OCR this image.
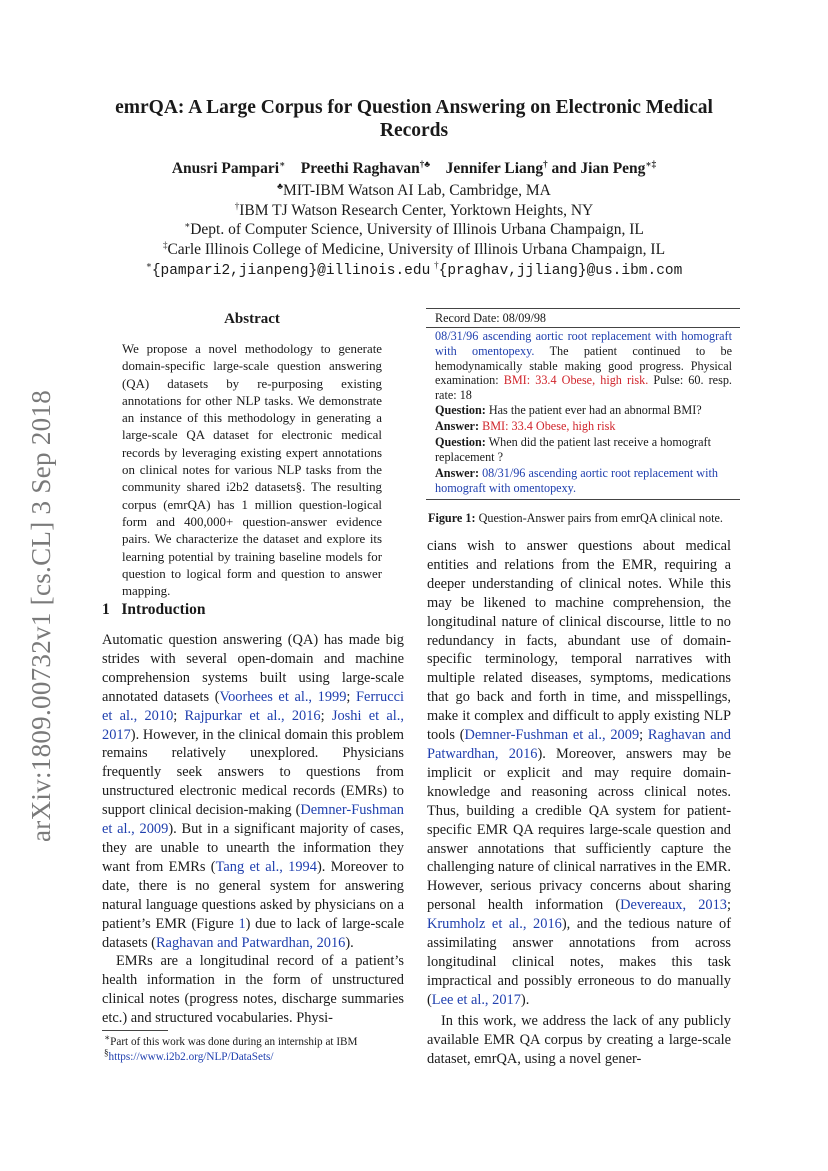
emrQA: A Large Corpus for Question Answering on Electronic Medical Records
Anusri Pampari∗ Preethi Raghavan†♣ Jennifer Liang† and Jian Peng∗‡
♣MIT-IBM Watson AI Lab, Cambridge, MA
†IBM TJ Watson Research Center, Yorktown Heights, NY
∗Dept. of Computer Science, University of Illinois Urbana Champaign, IL
‡Carle Illinois College of Medicine, University of Illinois Urbana Champaign, IL
∗{pampari2,jianpeng}@illinois.edu †{praghav,jjliang}@us.ibm.com
arXiv:1809.00732v1 [cs.CL] 3 Sep 2018
Abstract
We propose a novel methodology to generate domain-specific large-scale question answering (QA) datasets by re-purposing existing annotations for other NLP tasks. We demonstrate an instance of this methodology in generating a large-scale QA dataset for electronic medical records by leveraging existing expert annotations on clinical notes for various NLP tasks from the community shared i2b2 datasets§. The resulting corpus (emrQA) has 1 million question-logical form and 400,000+ question-answer evidence pairs. We characterize the dataset and explore its learning potential by training baseline models for question to logical form and question to answer mapping.
1 Introduction
Automatic question answering (QA) has made big strides with several open-domain and machine comprehension systems built using large-scale annotated datasets (Voorhees et al., 1999; Ferrucci et al., 2010; Rajpurkar et al., 2016; Joshi et al., 2017). However, in the clinical domain this problem remains relatively unexplored. Physicians frequently seek answers to questions from unstructured electronic medical records (EMRs) to support clinical decision-making (Demner-Fushman et al., 2009). But in a significant majority of cases, they are unable to unearth the information they want from EMRs (Tang et al., 1994). Moreover to date, there is no general system for answering natural language questions asked by physicians on a patient’s EMR (Figure 1) due to lack of large-scale datasets (Raghavan and Patwardhan, 2016).
EMRs are a longitudinal record of a patient’s health information in the form of unstructured clinical notes (progress notes, discharge summaries etc.) and structured vocabularies. Physi-
∗Part of this work was done during an internship at IBM
§https://www.i2b2.org/NLP/DataSets/
Record Date: 08/09/98
08/31/96 ascending aortic root replacement with homograft with omentopexy. The patient continued to be hemodynamically stable making good progress. Physical examination: BMI: 33.4 Obese, high risk. Pulse: 60. resp. rate: 18
Question: Has the patient ever had an abnormal BMI?
Answer: BMI: 33.4 Obese, high risk
Question: When did the patient last receive a homograft replacement ?
Answer: 08/31/96 ascending aortic root replacement with homograft with omentopexy.
Figure 1: Question-Answer pairs from emrQA clinical note.
cians wish to answer questions about medical entities and relations from the EMR, requiring a deeper understanding of clinical notes. While this may be likened to machine comprehension, the longitudinal nature of clinical discourse, little to no redundancy in facts, abundant use of domain-specific terminology, temporal narratives with multiple related diseases, symptoms, medications that go back and forth in time, and misspellings, make it complex and difficult to apply existing NLP tools (Demner-Fushman et al., 2009; Raghavan and Patwardhan, 2016). Moreover, answers may be implicit or explicit and may require domain-knowledge and reasoning across clinical notes. Thus, building a credible QA system for patient-specific EMR QA requires large-scale question and answer annotations that sufficiently capture the challenging nature of clinical narratives in the EMR. However, serious privacy concerns about sharing personal health information (Devereaux, 2013; Krumholz et al., 2016), and the tedious nature of assimilating answer annotations from across longitudinal clinical notes, makes this task impractical and possibly erroneous to do manually (Lee et al., 2017).
In this work, we address the lack of any publicly available EMR QA corpus by creating a large-scale dataset, emrQA, using a novel gener-
